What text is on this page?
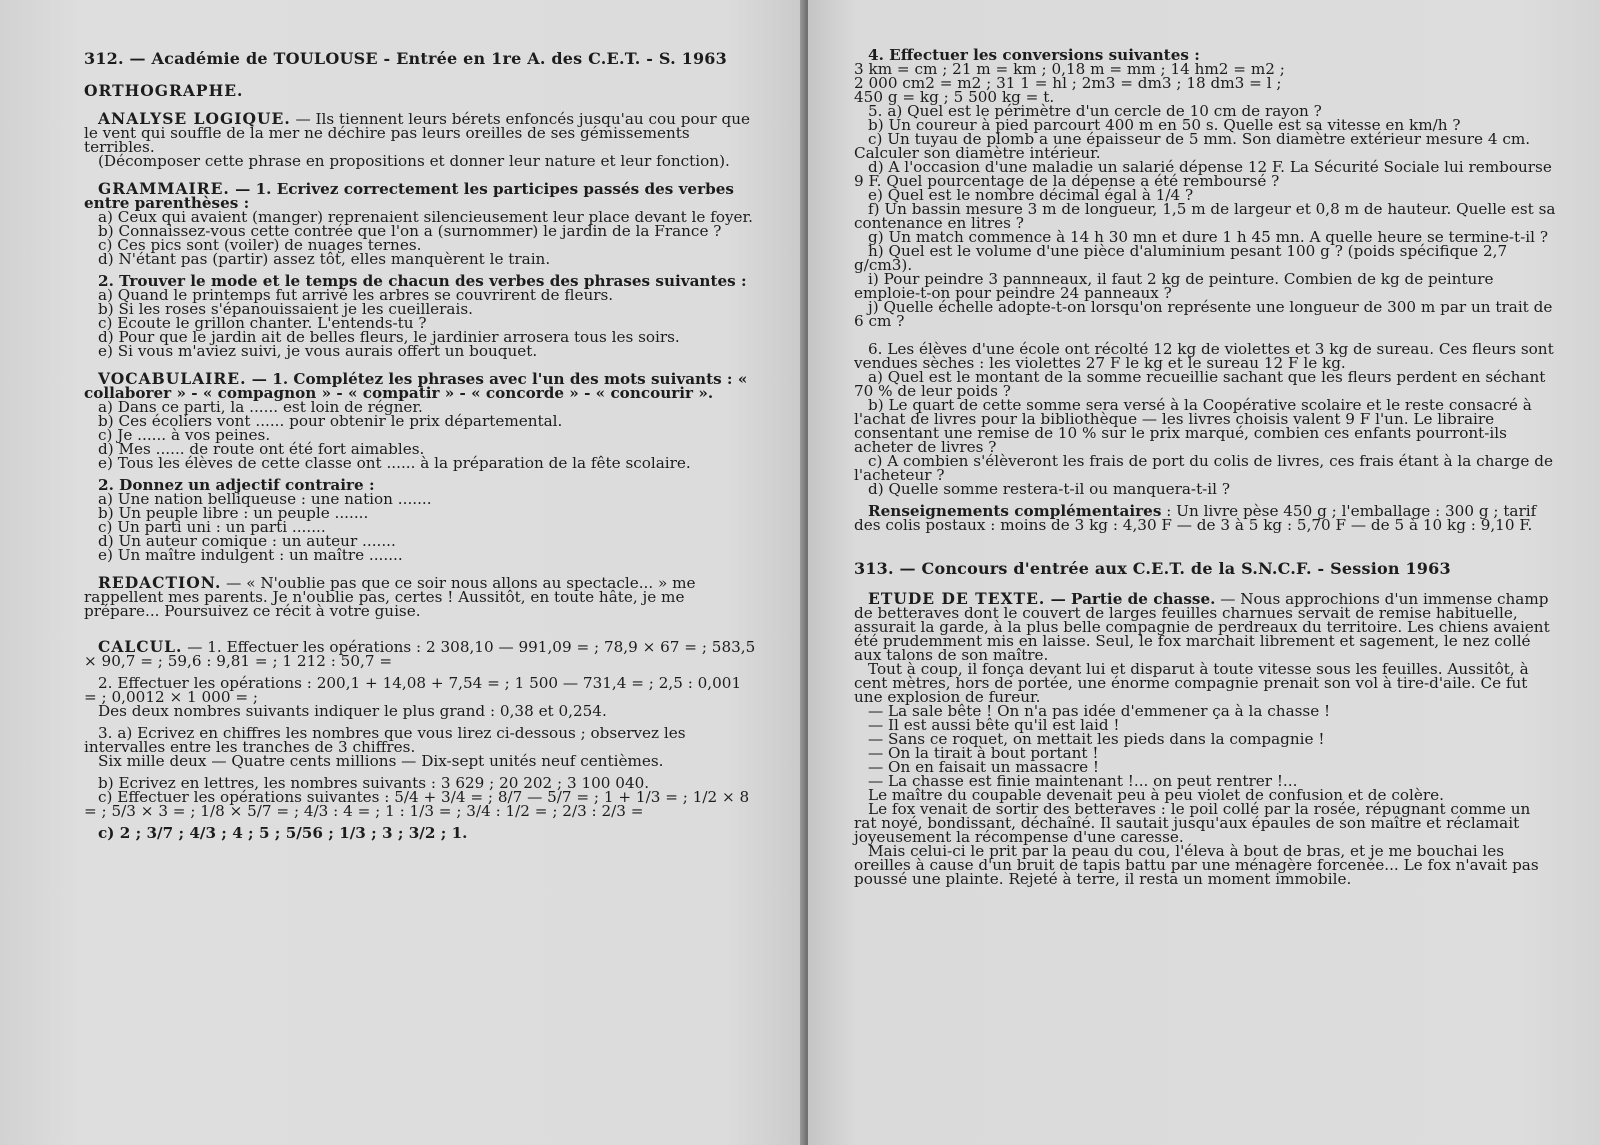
312. — Académie de TOULOUSE - Entrée en 1re A. des C.E.T. - S. 1963

ORTHOGRAPHE.

ANALYSE LOGIQUE. — Ils tiennent leurs bérets enfoncés jusqu'au cou pour que le vent qui souffle de la mer ne déchire pas leurs oreilles de ses gémissements terribles.

(Décomposer cette phrase en propositions et donner leur nature et leur fonction).

GRAMMAIRE. — 1. Ecrivez correctement les participes passés des verbes entre parenthèses :

a) Ceux qui avaient (manger) reprenaient silencieusement leur place devant le foyer.

b) Connaissez-vous cette contrée que l'on a (surnommer) le jardin de la France ?

c) Ces pics sont (voiler) de nuages ternes.

d) N'étant pas (partir) assez tôt, elles manquèrent le train.

2. Trouver le mode et le temps de chacun des verbes des phrases suivantes :

a) Quand le printemps fut arrivé les arbres se couvrirent de fleurs.

b) Si les roses s'épanouissaient je les cueillerais.

c) Ecoute le grillon chanter. L'entends-tu ?

d) Pour que le jardin ait de belles fleurs, le jardinier arrosera tous les soirs.

e) Si vous m'aviez suivi, je vous aurais offert un bouquet.

VOCABULAIRE. — 1. Complétez les phrases avec l'un des mots suivants : « collaborer » - « compagnon » - « compatir » - « concorde » - « concourir ».

a) Dans ce parti, la ...... est loin de régner.

b) Ces écoliers vont ...... pour obtenir le prix départemental.

c) Je ...... à vos peines.

d) Mes ...... de route ont été fort aimables.

e) Tous les élèves de cette classe ont ...... à la préparation de la fête scolaire.

2. Donnez un adjectif contraire :

a) Une nation belliqueuse : une nation .......

b) Un peuple libre : un peuple .......

c) Un parti uni : un parti .......

d) Un auteur comique : un auteur .......

e) Un maître indulgent : un maître .......

REDACTION. — « N'oublie pas que ce soir nous allons au spectacle... » me rappellent mes parents. Je n'oublie pas, certes ! Aussitôt, en toute hâte, je me prépare... Poursuivez ce récit à votre guise.

CALCUL. — 1. Effectuer les opérations : 2 308,10 — 991,09 = ; 78,9 × 67 = ; 583,5 × 90,7 = ; 59,6 : 9,81 = ; 1 212 : 50,7 =

2. Effectuer les opérations : 200,1 + 14,08 + 7,54 = ; 1 500 — 731,4 = ; 2,5 : 0,001 = ; 0,0012 × 1 000 = ;

Des deux nombres suivants indiquer le plus grand : 0,38 et 0,254.

3. a) Ecrivez en chiffres les nombres que vous lirez ci-dessous ; observez les intervalles entre les tranches de 3 chiffres.

Six mille deux — Quatre cents millions — Dix-sept unités neuf centièmes.

b) Ecrivez en lettres, les nombres suivants : 3 629 ; 20 202 ; 3 100 040.

c) Effectuer les opérations suivantes : 5/4 + 3/4 = ; 8/7 — 5/7 = ; 1 + 1/3 = ; 1/2 × 8 = ; 5/3 × 3 = ; 1/8 × 5/7 = ; 4/3 : 4 = ; 1 : 1/3 = ; 3/4 : 1/2 = ; 2/3 : 2/3 =

c) 2 ; 3/7 ; 4/3 ; 4 ; 5 ; 5/56 ; 1/3 ; 3 ; 3/2 ; 1.

4. Effectuer les conversions suivantes :

3 km = cm ; 21 m = km ; 0,18 m = mm ; 14 hm2 = m2 ;

2 000 cm2 = m2 ; 31 1 = hl ; 2m3 = dm3 ; 18 dm3 = l ;

450 g = kg ; 5 500 kg = t.

5. a) Quel est le périmètre d'un cercle de 10 cm de rayon ?

b) Un coureur à pied parcourt 400 m en 50 s. Quelle est sa vitesse en km/h ?

c) Un tuyau de plomb a une épaisseur de 5 mm. Son diamètre extérieur mesure 4 cm. Calculer son diamètre intérieur.

d) A l'occasion d'une maladie un salarié dépense 12 F. La Sécurité Sociale lui rembourse 9 F. Quel pourcentage de la dépense a été remboursé ?

e) Quel est le nombre décimal égal à 1/4 ?

f) Un bassin mesure 3 m de longueur, 1,5 m de largeur et 0,8 m de hauteur. Quelle est sa contenance en litres ?

g) Un match commence à 14 h 30 mn et dure 1 h 45 mn. A quelle heure se termine-t-il ?

h) Quel est le volume d'une pièce d'aluminium pesant 100 g ? (poids spécifique 2,7 g/cm3).

i) Pour peindre 3 pannneaux, il faut 2 kg de peinture. Combien de kg de peinture emploie-t-on pour peindre 24 panneaux ?

j) Quelle échelle adopte-t-on lorsqu'on représente une longueur de 300 m par un trait de 6 cm ?

6. Les élèves d'une école ont récolté 12 kg de violettes et 3 kg de sureau. Ces fleurs sont vendues sèches : les violettes 27 F le kg et le sureau 12 F le kg.

a) Quel est le montant de la somme recueillie sachant que les fleurs perdent en séchant 70 % de leur poids ?

b) Le quart de cette somme sera versé à la Coopérative scolaire et le reste consacré à l'achat de livres pour la bibliothèque — les livres choisis valent 9 F l'un. Le libraire consentant une remise de 10 % sur le prix marqué, combien ces enfants pourront-ils acheter de livres ?

c) A combien s'élèveront les frais de port du colis de livres, ces frais étant à la charge de l'acheteur ?

d) Quelle somme restera-t-il ou manquera-t-il ?

Renseignements complémentaires : Un livre pèse 450 g ; l'emballage : 300 g ; tarif des colis postaux : moins de 3 kg : 4,30 F — de 3 à 5 kg : 5,70 F — de 5 à 10 kg : 9,10 F.

313. — Concours d'entrée aux C.E.T. de la S.N.C.F. - Session 1963

ETUDE DE TEXTE. — Partie de chasse. — Nous approchions d'un immense champ de betteraves dont le couvert de larges feuilles charnues servait de remise habituelle, assurait la garde, à la plus belle compagnie de perdreaux du territoire. Les chiens avaient été prudemment mis en laisse. Seul, le fox marchait librement et sagement, le nez collé aux talons de son maître.

Tout à coup, il fonça devant lui et disparut à toute vitesse sous les feuilles. Aussitôt, à cent mètres, hors de portée, une énorme compagnie prenait son vol à tire-d'aile. Ce fut une explosion de fureur.

— La sale bête ! On n'a pas idée d'emmener ça à la chasse !

— Il est aussi bête qu'il est laid !

— Sans ce roquet, on mettait les pieds dans la compagnie !

— On la tirait à bout portant !

— On en faisait un massacre !

— La chasse est finie maintenant !... on peut rentrer !...

Le maître du coupable devenait peu à peu violet de confusion et de colère.

Le fox venait de sortir des betteraves : le poil collé par la rosée, répugnant comme un rat noyé, bondissant, déchaîné. Il sautait jusqu'aux épaules de son maître et réclamait joyeusement la récompense d'une caresse.

Mais celui-ci le prit par la peau du cou, l'éleva à bout de bras, et je me bouchai les oreilles à cause d'un bruit de tapis battu par une ménagère forcenée... Le fox n'avait pas poussé une plainte. Rejeté à terre, il resta un moment immobile.
